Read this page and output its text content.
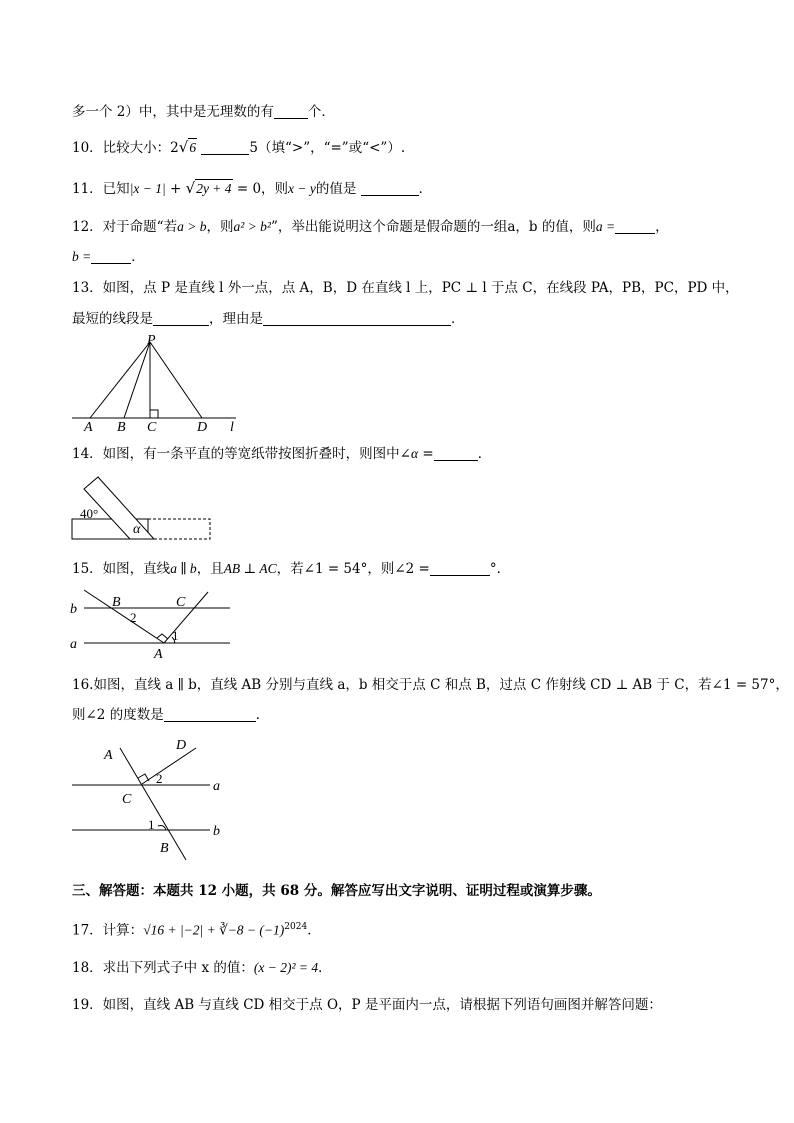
多一个 2）中，其中是无理数的有	个．
10．比较大小：2√6	5（填“>”，“=”或“<”）.
11．已知|x − 1| + √2y + 4 = 0，则x − y的值是	．
12．对于命题“若a > b，则a² > b²”，举出能说明这个命题是假命题的一组a，b 的值，则a =	，
b =	．
13．如图，点 P 是直线 l 外一点，点 A，B，D 在直线 l 上，PC ⊥ l 于点 C，在线段 PA，PB，PC，PD 中，
最短的线段是	，理由是	．
P
A B C	D l
14．如图，有一条平直的等宽纸带按图折叠时，则图中∠α =	．
40°
α
15．如图，直线a ∥ b，且AB ⊥ AC，若∠1 = 54°，则∠2 =	°．
b
a
B	C
A
1
2
16.如图，直线 a ∥ b，直线 AB 分别与直线 a，b 相交于点 C 和点 B，过点 C 作射线 CD ⊥ AB 于 C，若∠1 = 57°，
则∠2 的度数是	．
A
D
C
B
a
b
1
2
三、解答题：本题共 12 小题，共 68 分。解答应写出文字说明、证明过程或演算步骤。
17．计算：√16 + |−2| + ∛−8 − $(-1)^{2024}$．
18．求出下列式子中 x 的值：(x − 2)² = 4．
19．如图，直线 AB 与直线 CD 相交于点 O，P 是平面内一点，请根据下列语句画图并解答问题：
